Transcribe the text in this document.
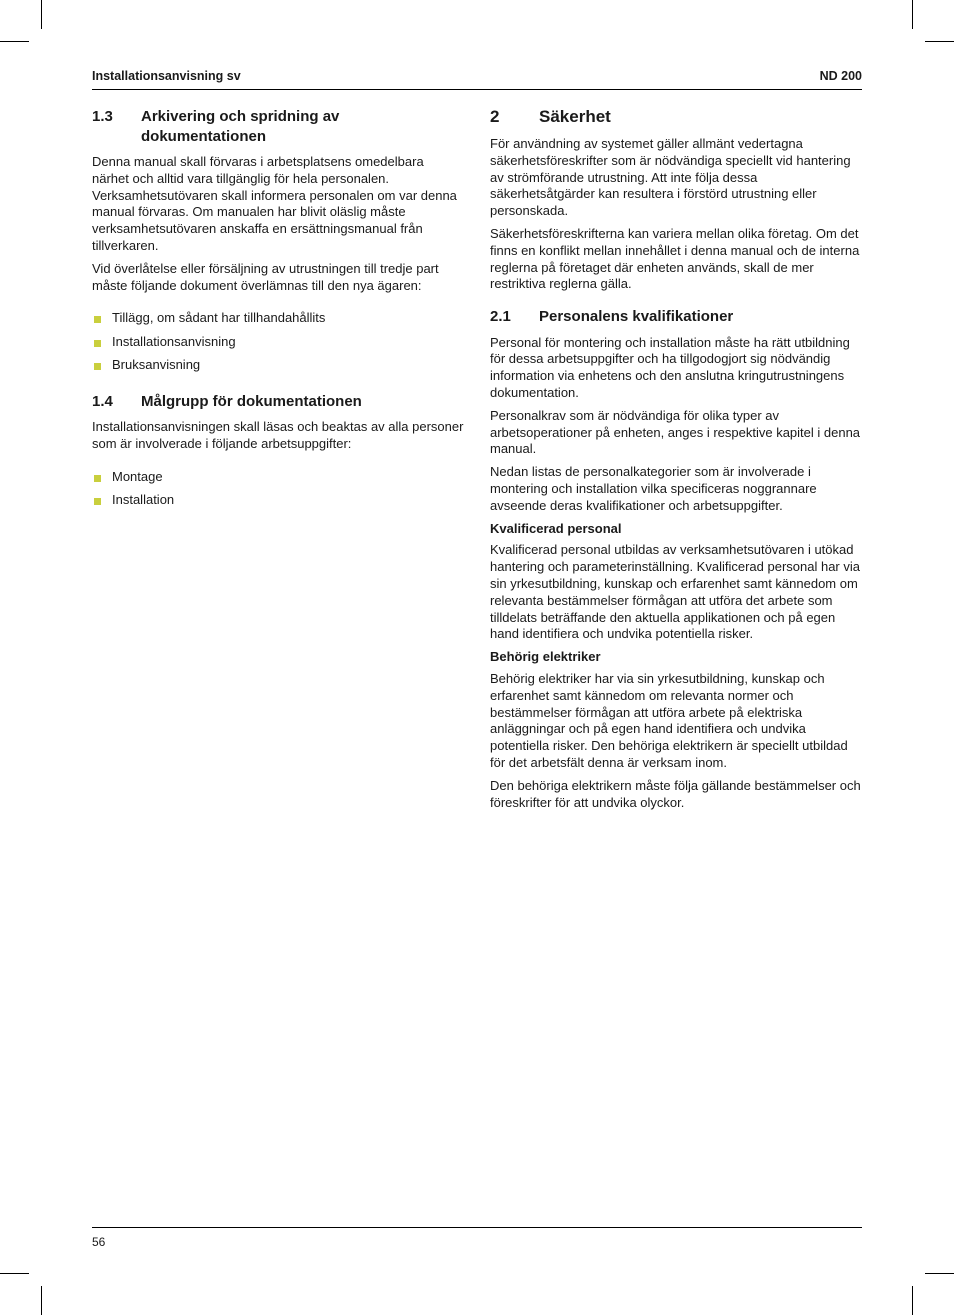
Installationsanvisning sv	ND 200
1.3	Arkivering och spridning av dokumentationen

Denna manual skall förvaras i arbetsplatsens omedelbara närhet och alltid vara tillgänglig för hela personalen. Verksamhetsutövaren skall informera personalen om var denna manual förvaras. Om manualen har blivit oläslig måste verksamhetsutövaren anskaffa en ersättningsmanual från tillverkaren.

Vid överlåtelse eller försäljning av utrustningen till tredje part måste följande dokument överlämnas till den nya ägaren:

Tillägg, om sådant har tillhandahållits
Installationsanvisning
Bruksanvisning
1.4	Målgrupp för dokumentationen

Installationsanvisningen skall läsas och beaktas av alla personer som är involverade i följande arbetsuppgifter:

Montage
Installation
2	Säkerhet

För användning av systemet gäller allmänt vedertagna säkerhetsföreskrifter som är nödvändiga speciellt vid hantering av strömförande utrustning. Att inte följa dessa säkerhetsåtgärder kan resultera i förstörd utrustning eller personskada.

Säkerhetsföreskrifterna kan variera mellan olika företag. Om det finns en konflikt mellan innehållet i denna manual och de interna reglerna på företaget där enheten används, skall de mer restriktiva reglerna gälla.

2.1	Personalens kvalifikationer

Personal för montering och installation måste ha rätt utbildning för dessa arbetsuppgifter och ha tillgodogjort sig nödvändig information via enhetens och den anslutna kringutrustningens dokumentation.

Personalkrav som är nödvändiga för olika typer av arbetsoperationer på enheten, anges i respektive kapitel i denna manual.

Nedan listas de personalkategorier som är involverade i montering och installation vilka specificeras noggrannare avseende deras kvalifikationer och arbetsuppgifter.

Kvalificerad personal

Kvalificerad personal utbildas av verksamhetsutövaren i utökad hantering och parameterinställning. Kvalificerad personal har via sin yrkesutbildning, kunskap och erfarenhet samt kännedom om relevanta bestämmelser förmågan att utföra det arbete som tilldelats beträffande den aktuella applikationen och på egen hand identifiera och undvika potentiella risker.

Behörig elektriker

Behörig elektriker har via sin yrkesutbildning, kunskap och erfarenhet samt kännedom om relevanta normer och bestämmelser förmågan att utföra arbete på elektriska anläggningar och på egen hand identifiera och undvika potentiella risker. Den behöriga elektrikern är speciellt utbildad för det arbetsfält denna är verksam inom.

Den behöriga elektrikern måste följa gällande bestämmelser och föreskrifter för att undvika olyckor.

56
